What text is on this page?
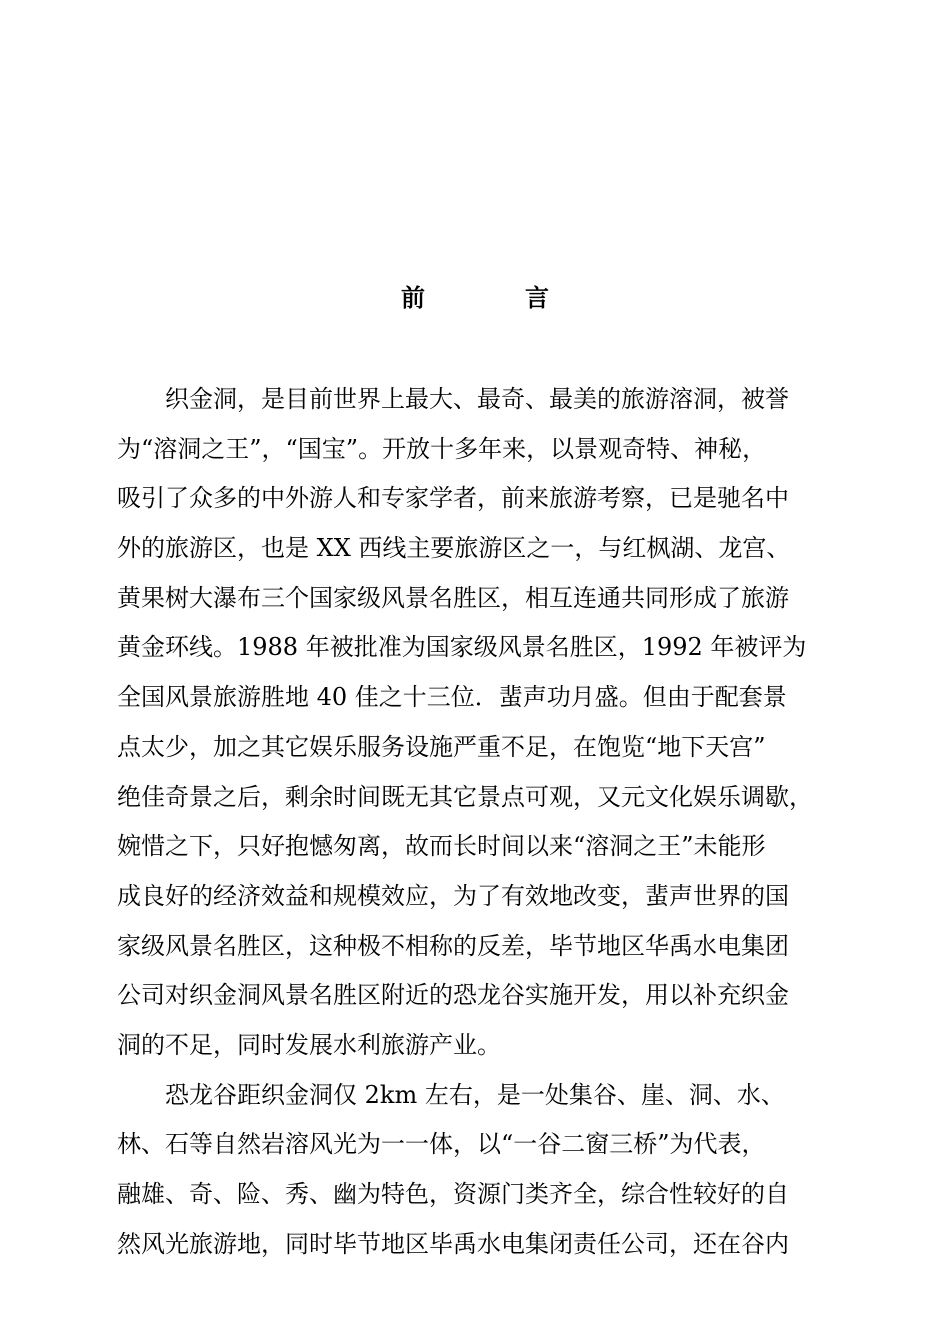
前	言
织金洞，是目前世界上最大、最奇、最美的旅游溶洞，被誉
为“溶洞之王”，“国宝”。开放十多年来，以景观奇特、神秘，
吸引了众多的中外游人和专家学者，前来旅游考察，已是驰名中
外的旅游区，也是 XX 西线主要旅游区之一，与红枫湖、龙宫、
黄果树大瀑布三个国家级风景名胜区，相互连通共同形成了旅游
黄金环线。1988 年被批准为国家级风景名胜区，1992 年被评为
全国风景旅游胜地 40 佳之十三位．蜚声功月盛。但由于配套景
点太少，加之其它娱乐服务设施严重不足，在饱览“地下天宫”
绝佳奇景之后，剩余时间既无其它景点可观，又元文化娱乐调歇，
婉惜之下，只好抱憾匆离，故而长时间以来“溶洞之王”未能形
成良好的经济效益和规模效应，为了有效地改变，蜚声世界的国
家级风景名胜区，这种极不相称的反差，毕节地区华禹水电集团
公司对织金洞风景名胜区附近的恐龙谷实施开发，用以补充织金
洞的不足，同时发展水利旅游产业。
恐龙谷距织金洞仅 2km 左右，是一处集谷、崖、洞、水、
林、石等自然岩溶风光为一一体，以“一谷二窗三桥”为代表，
融雄、奇、险、秀、幽为特色，资源门类齐全，综合性较好的自
然风光旅游地，同时毕节地区毕禹水电集闭责任公司，还在谷内
